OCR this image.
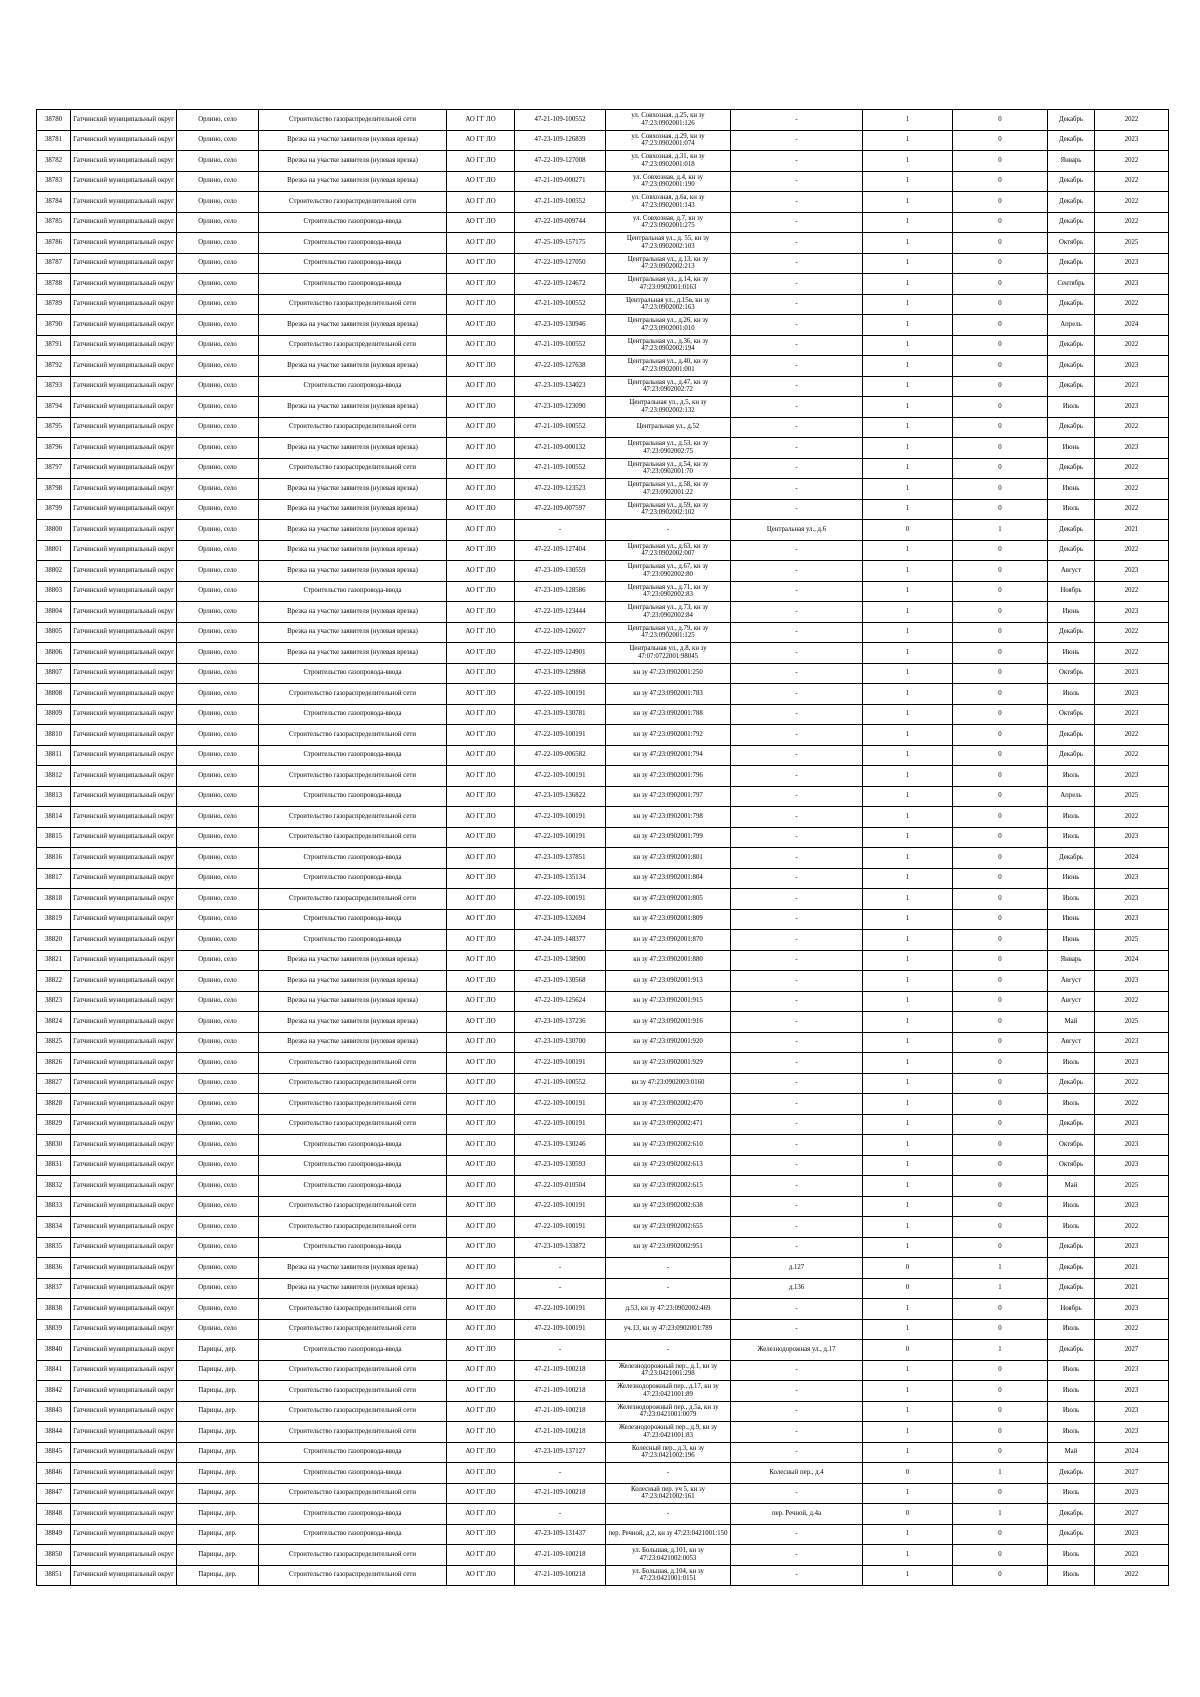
38780	Гатчинский муниципальный округ	Орлино, село	Строительство газораспределительной сети	АО ГГ ЛО	47-21-109-100552	ул. Совхозная, д.25, кн зу 47:23:0902001:126	-	1	0	Декабрь	2022
38781	Гатчинский муниципальный округ	Орлино, село	Врезка на участке заявителя (нулевая врезка)	АО ГГ ЛО	47-23-109-126839	ул. Совхозная, д.29, кн зу 47:23:0902001:074	-	1	0	Декабрь	2023
38782	Гатчинский муниципальный округ	Орлино, село	Врезка на участке заявителя (нулевая врезка)	АО ГГ ЛО	47-22-109-127008	ул. Совхозная, д.31, кн зу 47:23:0902001:018	-	1	0	Январь	2022
38783	Гатчинский муниципальный округ	Орлино, село	Врезка на участке заявителя (нулевая врезка)	АО ГГ ЛО	47-21-109-000271	ул. Совхозная, д.4, кн зу 47:23:0902001:190	-	1	0	Декабрь	2022
38784	Гатчинский муниципальный округ	Орлино, село	Строительство газораспределительной сети	АО ГГ ЛО	47-21-109-100552	ул. Совхозная, д.6а, кн зу 47:23:0902001:143	-	1	0	Декабрь	2022
38785	Гатчинский муниципальный округ	Орлино, село	Строительство газопровода-ввода	АО ГГ ЛО	47-22-109-009744	ул. Совхозная, д.7, кн зу 47:23:0902001:275	-	1	0	Декабрь	2022
38786	Гатчинский муниципальный округ	Орлино, село	Строительство газопровода-ввода	АО ГГ ЛО	47-25-109-157175	Центральная ул., д. 55, кн зу 47:23:0902002:103	-	1	0	Октябрь	2025
38787	Гатчинский муниципальный округ	Орлино, село	Строительство газопровода-ввода	АО ГГ ЛО	47-22-109-127050	Центральная ул., д.13, кн зу 47:23:0902002:213	-	1	0	Декабрь	2023
38788	Гатчинский муниципальный округ	Орлино, село	Строительство газопровода-ввода	АО ГГ ЛО	47-22-109-124672	Центральная ул., д.14, кн зу 47:23:0902001:0163	-	1	0	Сентябрь	2023
38789	Гатчинский муниципальный округ	Орлино, село	Строительство газораспределительной сети	АО ГГ ЛО	47-21-109-100552	Центральная ул., д.15в, кн зу 47:23:0902002:163	-	1	0	Декабрь	2022
38790	Гатчинский муниципальный округ	Орлино, село	Врезка на участке заявителя (нулевая врезка)	АО ГГ ЛО	47-23-109-130946	Центральная ул., д.26, кн зу 47:23:0902001:010	-	1	0	Апрель	2024
38791	Гатчинский муниципальный округ	Орлино, село	Строительство газораспределительной сети	АО ГГ ЛО	47-21-109-100552	Центральная ул., д.36, кн зу 47:23:0902002:194	-	1	0	Декабрь	2022
38792	Гатчинский муниципальный округ	Орлино, село	Врезка на участке заявителя (нулевая врезка)	АО ГГ ЛО	47-22-109-127638	Центральная ул., д.40, кн зу 47:23:0902001:001	-	1	0	Декабрь	2023
38793	Гатчинский муниципальный округ	Орлино, село	Строительство газопровода-ввода	АО ГГ ЛО	47-23-109-134023	Центральная ул., д.47, кн зу 47:23:0902002:72	-	1	0	Декабрь	2023
38794	Гатчинский муниципальный округ	Орлино, село	Врезка на участке заявителя (нулевая врезка)	АО ГГ ЛО	47-23-109-123090	Центральная ул., д.5, кн зу 47:23:0902002:132	-	1	0	Июль	2023
38795	Гатчинский муниципальный округ	Орлино, село	Строительство газораспределительной сети	АО ГГ ЛО	47-21-109-100552	Центральная ул., д.52	-	1	0	Декабрь	2022
38796	Гатчинский муниципальный округ	Орлино, село	Врезка на участке заявителя (нулевая врезка)	АО ГГ ЛО	47-21-109-000132	Центральная ул., д.53, кн зу 47:23:0902002:75	-	1	0	Июнь	2023
38797	Гатчинский муниципальный округ	Орлино, село	Строительство газораспределительной сети	АО ГГ ЛО	47-21-109-100552	Центральная ул., д.54, кн зу 47:23:0902001:70	-	1	0	Декабрь	2022
38798	Гатчинский муниципальный округ	Орлино, село	Врезка на участке заявителя (нулевая врезка)	АО ГГ ЛО	47-22-109-123523	Центральная ул., д.58, кн зу 47:23:0902001:22	-	1	0	Июнь	2022
38799	Гатчинский муниципальный округ	Орлино, село	Врезка на участке заявителя (нулевая врезка)	АО ГГ ЛО	47-22-109-007597	Центральная ул., д.59, кн зу 47:23:0902002:102	-	1	0	Июль	2022
38800	Гатчинский муниципальный округ	Орлино, село	Врезка на участке заявителя (нулевая врезка)	АО ГГ ЛО	-	-	Центральная ул., д.6	0	1	Декабрь	2021
38801	Гатчинский муниципальный округ	Орлино, село	Врезка на участке заявителя (нулевая врезка)	АО ГГ ЛО	47-22-109-127404	Центральная ул., д.63, кн зу 47:23:0902002:007	-	1	0	Декабрь	2022
38802	Гатчинский муниципальный округ	Орлино, село	Врезка на участке заявителя (нулевая врезка)	АО ГГ ЛО	47-23-109-130559	Центральная ул., д.67, кн зу 47:23:0902002:80	-	1	0	Август	2023
38803	Гатчинский муниципальный округ	Орлино, село	Строительство газопровода-ввода	АО ГГ ЛО	47-23-109-128586	Центральная ул., д.71, кн зу 47:23:0902002:83	-	1	0	Ноябрь	2022
38804	Гатчинский муниципальный округ	Орлино, село	Врезка на участке заявителя (нулевая врезка)	АО ГГ ЛО	47-22-109-123444	Центральная ул., д.73, кн зу 47:23:0902002:84	-	1	0	Июнь	2023
38805	Гатчинский муниципальный округ	Орлино, село	Врезка на участке заявителя (нулевая врезка)	АО ГГ ЛО	47-22-109-126027	Центральная ул., д.79, кн зу 47:23:0902001:125	-	1	0	Декабрь	2022
38806	Гатчинский муниципальный округ	Орлино, село	Врезка на участке заявителя (нулевая врезка)	АО ГГ ЛО	47-22-109-124901	Центральная ул., д.8, кн зу 47:07:0722001:98045	-	1	0	Июнь	2022
38807	Гатчинский муниципальный округ	Орлино, село	Строительство газопровода-ввода	АО ГГ ЛО	47-23-109-129868	кн зу 47:23:0902001:250	-	1	0	Октябрь	2023
38808	Гатчинский муниципальный округ	Орлино, село	Строительство газораспределительной сети	АО ГГ ЛО	47-22-109-100191	кн зу 47:23:0902001:783	-	1	0	Июль	2023
38809	Гатчинский муниципальный округ	Орлино, село	Строительство газопровода-ввода	АО ГГ ЛО	47-23-109-130781	кн зу 47:23:0902001:788	-	1	0	Октябрь	2023
38810	Гатчинский муниципальный округ	Орлино, село	Строительство газораспределительной сети	АО ГГ ЛО	47-22-109-100191	кн зу 47:23:0902001:792	-	1	0	Декабрь	2022
38811	Гатчинский муниципальный округ	Орлино, село	Строительство газопровода-ввода	АО ГГ ЛО	47-22-109-006582	кн зу 47:23:0902001:794	-	1	0	Декабрь	2022
38812	Гатчинский муниципальный округ	Орлино, село	Строительство газораспределительной сети	АО ГГ ЛО	47-22-109-100191	кн зу 47:23:0902001:796	-	1	0	Июль	2023
38813	Гатчинский муниципальный округ	Орлино, село	Строительство газопровода-ввода	АО ГГ ЛО	47-23-109-136822	кн зу 47:23:0902001:797	-	1	0	Апрель	2025
38814	Гатчинский муниципальный округ	Орлино, село	Строительство газораспределительной сети	АО ГГ ЛО	47-22-109-100191	кн зу 47:23:0902001:798	-	1	0	Июль	2022
38815	Гатчинский муниципальный округ	Орлино, село	Строительство газораспределительной сети	АО ГГ ЛО	47-22-109-100191	кн зу 47:23:0902001:799	-	1	0	Июль	2023
38816	Гатчинский муниципальный округ	Орлино, село	Строительство газопровода-ввода	АО ГГ ЛО	47-23-109-137851	кн зу 47:23:0902001:801	-	1	0	Декабрь	2024
38817	Гатчинский муниципальный округ	Орлино, село	Строительство газопровода-ввода	АО ГГ ЛО	47-23-109-135134	кн зу 47:23:0902001:804	-	1	0	Июнь	2023
38818	Гатчинский муниципальный округ	Орлино, село	Строительство газораспределительной сети	АО ГГ ЛО	47-22-109-100191	кн зу 47:23:0902001:805	-	1	0	Июль	2023
38819	Гатчинский муниципальный округ	Орлино, село	Строительство газопровода-ввода	АО ГГ ЛО	47-23-109-132694	кн зу 47:23:0902001:809	-	1	0	Июнь	2023
38820	Гатчинский муниципальный округ	Орлино, село	Строительство газопровода-ввода	АО ГГ ЛО	47-24-109-148377	кн зу 47:23:0902001:870	-	1	0	Июнь	2025
38821	Гатчинский муниципальный округ	Орлино, село	Врезка на участке заявителя (нулевая врезка)	АО ГГ ЛО	47-23-109-138900	кн зу 47:23:0902001:880	-	1	0	Январь	2024
38822	Гатчинский муниципальный округ	Орлино, село	Врезка на участке заявителя (нулевая врезка)	АО ГГ ЛО	47-23-109-130568	кн зу 47:23:0902001:913	-	1	0	Август	2023
38823	Гатчинский муниципальный округ	Орлино, село	Врезка на участке заявителя (нулевая врезка)	АО ГГ ЛО	47-22-109-125624	кн зу 47:23:0902001:915	-	1	0	Август	2022
38824	Гатчинский муниципальный округ	Орлино, село	Врезка на участке заявителя (нулевая врезка)	АО ГГ ЛО	47-23-109-137236	кн зу 47:23:0902001:916	-	1	0	Май	2025
38825	Гатчинский муниципальный округ	Орлино, село	Врезка на участке заявителя (нулевая врезка)	АО ГГ ЛО	47-23-109-130700	кн зу 47:23:0902001:920	-	1	0	Август	2023
38826	Гатчинский муниципальный округ	Орлино, село	Строительство газораспределительной сети	АО ГГ ЛО	47-22-109-100191	кн зу 47:23:0902001:929	-	1	0	Июль	2023
38827	Гатчинский муниципальный округ	Орлино, село	Строительство газораспределительной сети	АО ГГ ЛО	47-21-109-100552	кн зу 47:23:0902003:0160	-	1	0	Декабрь	2022
38828	Гатчинский муниципальный округ	Орлино, село	Строительство газораспределительной сети	АО ГГ ЛО	47-22-109-100191	кн зу 47:23:0902002:470	-	1	0	Июль	2022
38829	Гатчинский муниципальный округ	Орлино, село	Строительство газораспределительной сети	АО ГГ ЛО	47-22-109-100191	кн зу 47:23:0902002:471	-	1	0	Декабрь	2023
38830	Гатчинский муниципальный округ	Орлино, село	Строительство газопровода-ввода	АО ГГ ЛО	47-23-109-130246	кн зу 47:23:0902002:610	-	1	0	Октябрь	2023
38831	Гатчинский муниципальный округ	Орлино, село	Строительство газопровода-ввода	АО ГГ ЛО	47-23-109-130593	кн зу 47:23:0902002:613	-	1	0	Октябрь	2023
38832	Гатчинский муниципальный округ	Орлино, село	Строительство газопровода-ввода	АО ГГ ЛО	47-22-109-010504	кн зу 47:23:0902002:615	-	1	0	Май	2025
38833	Гатчинский муниципальный округ	Орлино, село	Строительство газораспределительной сети	АО ГГ ЛО	47-22-109-100191	кн зу 47:23:0902002:638	-	1	0	Июль	2023
38834	Гатчинский муниципальный округ	Орлино, село	Строительство газораспределительной сети	АО ГГ ЛО	47-22-109-100191	кн зу 47:23:0902002:655	-	1	0	Июль	2022
38835	Гатчинский муниципальный округ	Орлино, село	Строительство газопровода-ввода	АО ГГ ЛО	47-23-109-133872	кн зу 47:23:0902002:951	-	1	0	Декабрь	2023
38836	Гатчинский муниципальный округ	Орлино, село	Врезка на участке заявителя (нулевая врезка)	АО ГГ ЛО	-	-	д.127	0	1	Декабрь	2021
38837	Гатчинский муниципальный округ	Орлино, село	Врезка на участке заявителя (нулевая врезка)	АО ГГ ЛО	-	-	д.136	0	1	Декабрь	2021
38838	Гатчинский муниципальный округ	Орлино, село	Строительство газораспределительной сети	АО ГГ ЛО	47-22-109-100191	д.53, кн зу 47:23:0902002:469	-	1	0	Ноябрь	2023
38839	Гатчинский муниципальный округ	Орлино, село	Строительство газораспределительной сети	АО ГГ ЛО	47-22-109-100191	уч.13, кн зу 47:23:0902001:789	-	1	0	Июль	2022
38840	Гатчинский муниципальный округ	Парицы, дер.	Строительство газопровода-ввода	АО ГГ ЛО	-	-	Железнодорожная ул., д.17	0	1	Декабрь	2027
38841	Гатчинский муниципальный округ	Парицы, дер.	Строительство газораспределительной сети	АО ГГ ЛО	47-21-109-100218	Железнодорожный пер., д.1, кн зу 47:23:0421001:298	-	1	0	Июль	2023
38842	Гатчинский муниципальный округ	Парицы, дер.	Строительство газораспределительной сети	АО ГГ ЛО	47-21-109-100218	Железнодорожный пер., д.17, кн зу 47:23:0421001:89	-	1	0	Июль	2023
38843	Гатчинский муниципальный округ	Парицы, дер.	Строительство газораспределительной сети	АО ГГ ЛО	47-21-109-100218	Железнодорожный пер., д.5а, кн зу 47:23:0421001:0079	-	1	0	Июль	2023
38844	Гатчинский муниципальный округ	Парицы, дер.	Строительство газораспределительной сети	АО ГГ ЛО	47-21-109-100218	Железнодорожный пер., д.9, кн зу 47:23:0421001:83	-	1	0	Июль	2023
38845	Гатчинский муниципальный округ	Парицы, дер.	Строительство газопровода-ввода	АО ГГ ЛО	47-23-109-137127	Колесный пер., д.3, кн зу 47:23:0421002:196	-	1	0	Май	2024
38846	Гатчинский муниципальный округ	Парицы, дер.	Строительство газопровода-ввода	АО ГГ ЛО	-	-	Колесный пер., д.4	0	1	Декабрь	2027
38847	Гатчинский муниципальный округ	Парицы, дер.	Строительство газораспределительной сети	АО ГГ ЛО	47-21-109-100218	Колесный пер. уч 5, кн зу 47:23:0421002:161	-	1	0	Июль	2023
38848	Гатчинский муниципальный округ	Парицы, дер.	Строительство газопровода-ввода	АО ГГ ЛО	-	-	пер. Речной, д.4а	0	1	Декабрь	2027
38849	Гатчинский муниципальный округ	Парицы, дер.	Строительство газопровода-ввода	АО ГГ ЛО	47-23-109-131437	пер. Речной, д.2, кн зу 47:23:0421001:150	-	1	0	Декабрь	2023
38850	Гатчинский муниципальный округ	Парицы, дер.	Строительство газораспределительной сети	АО ГГ ЛО	47-21-109-100218	ул. Большая, д.101, кн зу 47:23:0421002:0053	-	1	0	Июль	2023
38851	Гатчинский муниципальный округ	Парицы, дер.	Строительство газораспределительной сети	АО ГГ ЛО	47-21-109-100218	ул. Большая, д.104, кн зу 47:23:0421001:0151	-	1	0	Июль	2022
